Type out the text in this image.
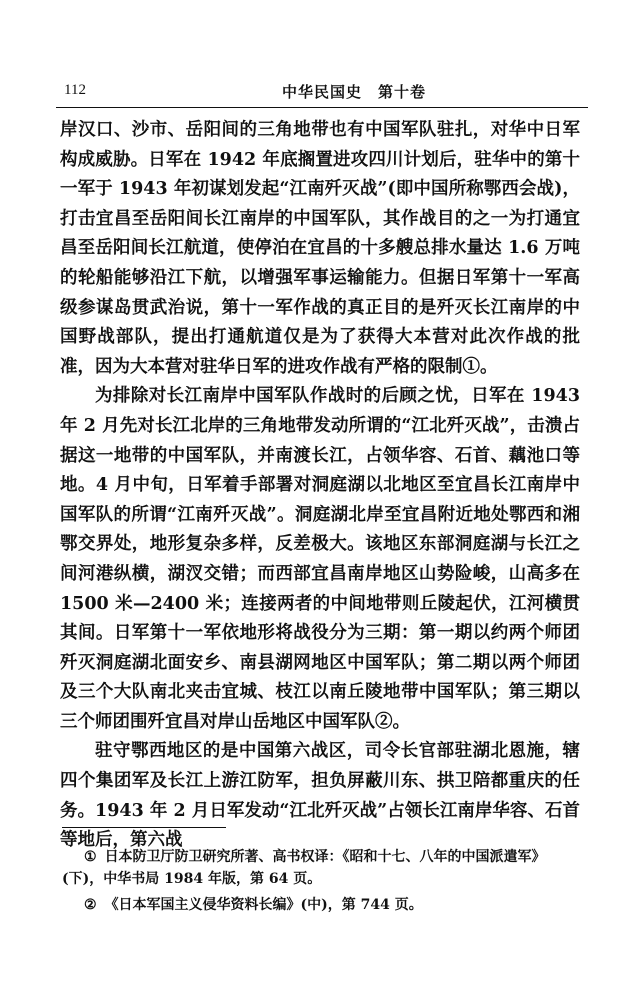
112	中华民国史　第十卷

岸汉口、沙市、岳阳间的三角地带也有中国军队驻扎，对华中日军构成威胁。日军在 1942 年底搁置进攻四川计划后，驻华中的第十一军于 1943 年初谋划发起“江南歼灭战”(即中国所称鄂西会战)，打击宜昌至岳阳间长江南岸的中国军队，其作战目的之一为打通宜昌至岳阳间长江航道，使停泊在宜昌的十多艘总排水量达 1.6 万吨的轮船能够沿江下航，以增强军事运输能力。但据日军第十一军高级参谋岛贯武治说，第十一军作战的真正目的是歼灭长江南岸的中国野战部队，提出打通航道仅是为了获得大本营对此次作战的批准，因为大本营对驻华日军的进攻作战有严格的限制①。

为排除对长江南岸中国军队作战时的后顾之忧，日军在 1943 年 2 月先对长江北岸的三角地带发动所谓的“江北歼灭战”，击溃占据这一地带的中国军队，并南渡长江，占领华容、石首、藕池口等地。4 月中旬，日军着手部署对洞庭湖以北地区至宜昌长江南岸中国军队的所谓“江南歼灭战”。洞庭湖北岸至宜昌附近地处鄂西和湘鄂交界处，地形复杂多样，反差极大。该地区东部洞庭湖与长江之间河港纵横，湖汊交错；而西部宜昌南岸地区山势险峻，山高多在 1500 米—2400 米；连接两者的中间地带则丘陵起伏，江河横贯其间。日军第十一军依地形将战役分为三期：第一期以约两个师团歼灭洞庭湖北面安乡、南县湖网地区中国军队；第二期以两个师团及三个大队南北夹击宜城、枝江以南丘陵地带中国军队；第三期以三个师团围歼宜昌对岸山岳地区中国军队②。

驻守鄂西地区的是中国第六战区，司令长官部驻湖北恩施，辖四个集团军及长江上游江防军，担负屏蔽川东、拱卫陪都重庆的任务。1943 年 2 月日军发动“江北歼灭战”占领长江南岸华容、石首等地后，第六战

① 日本防卫厅防卫研究所著、高书权译：《昭和十七、八年的中国派遣军》(下)，中华书局 1984 年版，第 64 页。

② 《日本军国主义侵华资料长编》(中)，第 744 页。
